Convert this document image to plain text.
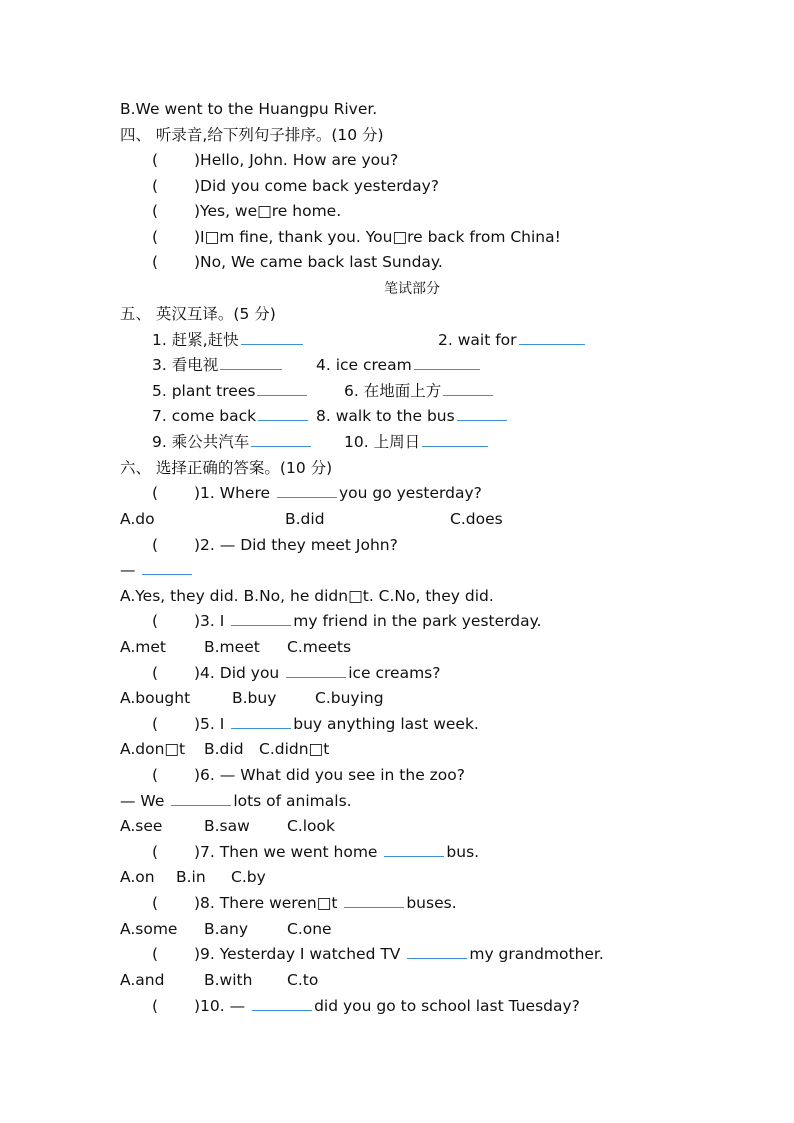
B.We went to the Huangpu River.
四、 听录音,给下列句子排序。(10 分)
( )Hello, John. How are you?
( )Did you come back yesterday?
( )Yes, we□re home.
( )I□m fine, thank you. You□re back from China!
( )No, We came back last Sunday.
笔试部分
五、 英汉互译。(5 分)
1. 赶紧,赶快	2. wait for
3. 看电视	4. ice cream
5. plant trees	6. 在地面上方
7. come back	8. walk to the bus
9. 乘公共汽车	10. 上周日
六、 选择正确的答案。(10 分)
( )1. Where	you go yesterday?
A.do	B.did	C.does
( )2. — Did they meet John?
—
A.Yes, they did. B.No, he didn□t. C.No, they did.
( )3. I	my friend in the park yesterday.
A.met B.meet C.meets
( )4. Did you	ice creams?
A.bought	B.buy C.buying
( )5. I	buy anything last week.
A.don□t B.did C.didn□t
( )6. — What did you see in the zoo?
— We	lots of animals.
A.see	B.saw C.look
( )7. Then we went home	bus.
A.on B.in C.by
( )8. There weren□t	buses.
A.some B.any	C.one
( )9. Yesterday I watched TV	my grandmother.
A.and	B.with C.to
( )10. —	did you go to school last Tuesday?
